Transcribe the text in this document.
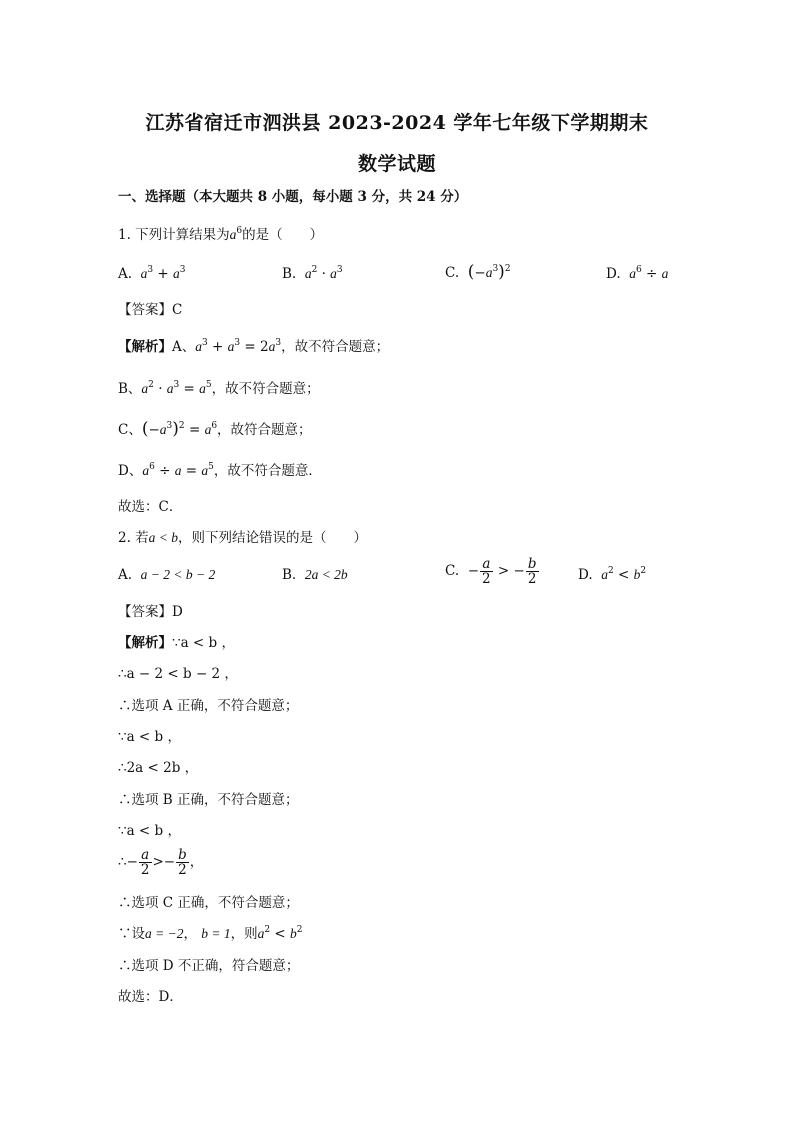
江苏省宿迁市泗洪县 2023-2024 学年七年级下学期期末
数学试题
一、选择题（本大题共 8 小题，每小题 3 分，共 24 分）
1. 下列计算结果为$a^6$的是（　　）
A. $a^3 + a^3$	B. $a^2 \cdot a^3$	C. $(-a^3)^2$	D. $a^6 \div a$
【答案】C
【解析】A、$a^3 + a^3 = 2a^3$，故不符合题意；
B、$a^2 \cdot a^3 = a^5$，故不符合题意；
C、$(-a^3)^2 = a^6$，故符合题意；
D、$a^6 \div a = a^5$，故不符合题意．
故选：C．
2. 若a < b，则下列结论错误的是（　　）
A. a − 2 < b − 2	B. 2a < 2b	C.  − $\frac{a}{2}$ > − $\frac{b}{2}$	D. $a^2 < b^2$
【答案】D
【解析】∵a < b ，
∴a − 2 < b − 2 ，
∴选项 A 正确，不符合题意；
∵a < b ，
∴2a < 2b ，
∴选项 B 正确，不符合题意；
∵a < b ，
∴− $\frac{a}{2} >- \frac{b}{2}$ ，
∴选项 C 正确，不符合题意；
∵设a = −2， b = 1，则$a^2 < b^2$
∴选项 D 不正确，符合题意；
故选：D．
